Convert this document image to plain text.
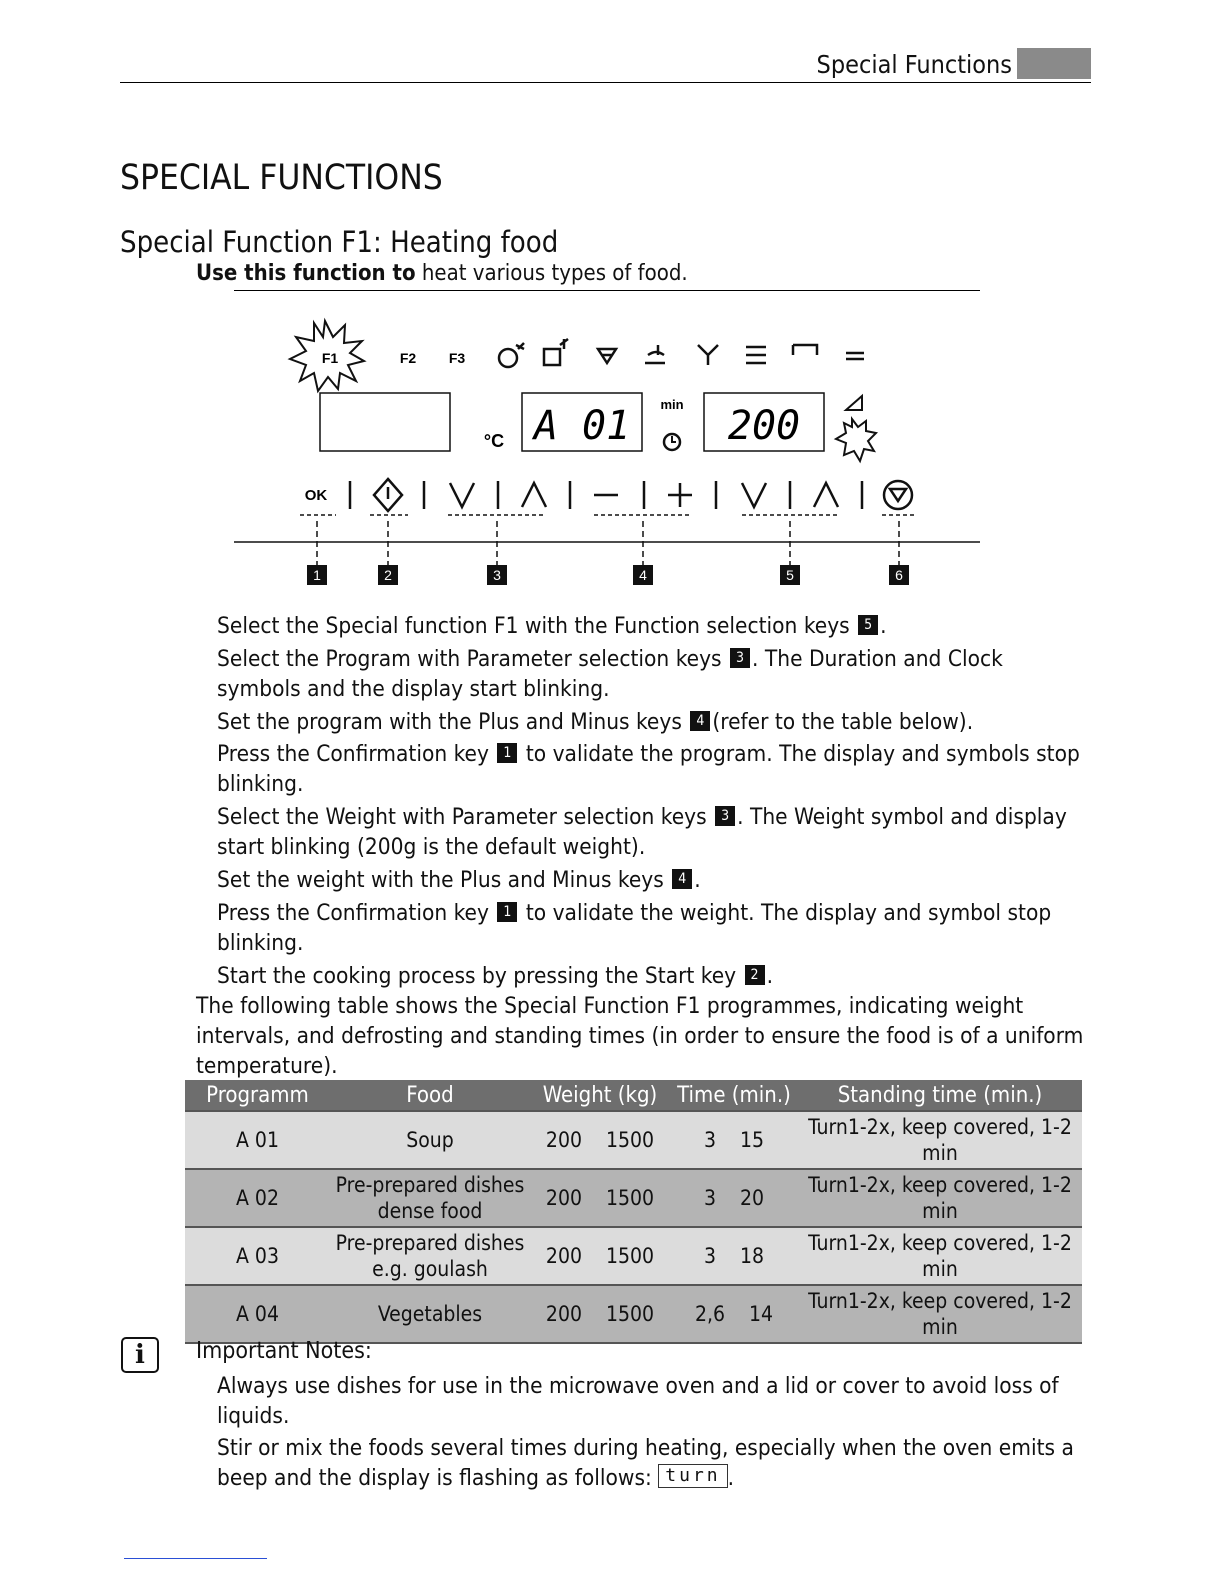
Special Functions
SPECIAL FUNCTIONS
Special Function F1: Heating food
Use this function to heat various types of food.
F1	F2 F3
°C A 01 min 200
OK
1	2	3	4	5	6
Select the Special function F1 with the Function selection keys 5 .
Select the Program with Parameter selection keys 3 . The Duration and Clock symbols and the display start blinking.
Set the program with the Plus and Minus keys 4 (refer to the table below).
Press the Confirmation key 1 to validate the program. The display and symbols stop blinking.
Select the Weight with Parameter selection keys 3 . The Weight symbol and display start blinking (200g is the default weight).
Set the weight with the Plus and Minus keys 4 .
Press the Confirmation key 1 to validate the weight. The display and symbol stop blinking.
Start the cooking process by pressing the Start key 2 .
The following table shows the Special Function F1 programmes, indicating weight intervals, and defrosting and standing times (in order to ensure the food is of a uniform temperature).
Programm	Food	Weight (kg)	Time (min.)	Standing time (min.)
A 01	Soup	200 1500	3 15	Turn1-2x, keep covered, 1-2 min
A 02	Pre-prepared dishes dense food	200 1500	3 20	Turn1-2x, keep covered, 1-2 min
A 03	Pre-prepared dishes e.g. goulash	200 1500	3 18	Turn1-2x, keep covered, 1-2 min
A 04	Vegetables	200 1500	2,6 14	Turn1-2x, keep covered, 1-2 min
i	Important Notes:
Always use dishes for use in the microwave oven and a lid or cover to avoid loss of liquids.
Stir or mix the foods several times during heating, especially when the oven emits a beep and the display is flashing as follows: turn .
